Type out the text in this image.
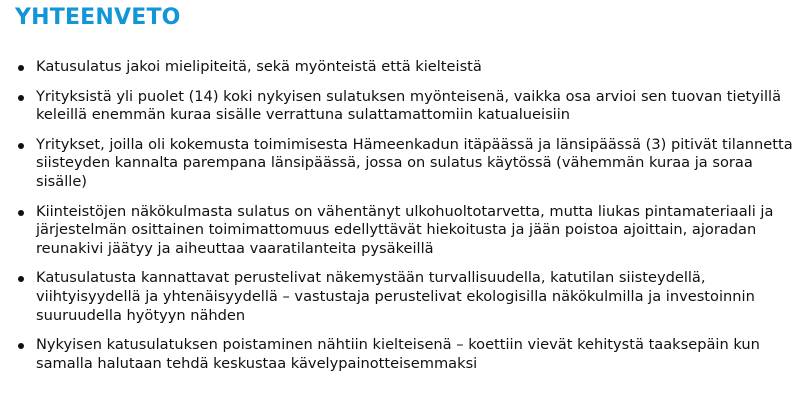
YHTEENVETO
Katusulatus jakoi mielipiteitä, sekä myönteistä että kielteistä
Yrityksistä yli puolet (14) koki nykyisen sulatuksen myönteisenä, vaikka osa arvioi sen tuovan tietyillä keleillä enemmän kuraa sisälle verrattuna sulattamattomiin katualueisiin
Yritykset, joilla oli kokemusta toimimisesta Hämeenkadun itäpäässä ja länsipäässä (3) pitivät tilannetta siisteyden kannalta parempana länsipäässä, jossa on sulatus käytössä (vähemmän kuraa ja soraa sisälle)
Kiinteistöjen näkökulmasta sulatus on vähentänyt ulkohuoltotarvetta, mutta liukas pintamateriaali ja järjestelmän osittainen toimimattomuus edellyttävät hiekoitusta ja jään poistoa ajoittain, ajoradan reunakivi jäätyy ja aiheuttaa vaaratilanteita pysäkeillä
Katusulatusta kannattavat perustelivat näkemystään turvallisuudella, katutilan siisteydellä, viihtyisyydellä ja yhtenäisyydellä – vastustaja perustelivat ekologisilla näkökulmilla ja investoinnin suuruudella hyötyyn nähden
Nykyisen katusulatuksen poistaminen nähtiin kielteisenä – koettiin vievät kehitystä taaksepäin kun samalla halutaan tehdä keskustaa kävelypainotteisemmaksi
